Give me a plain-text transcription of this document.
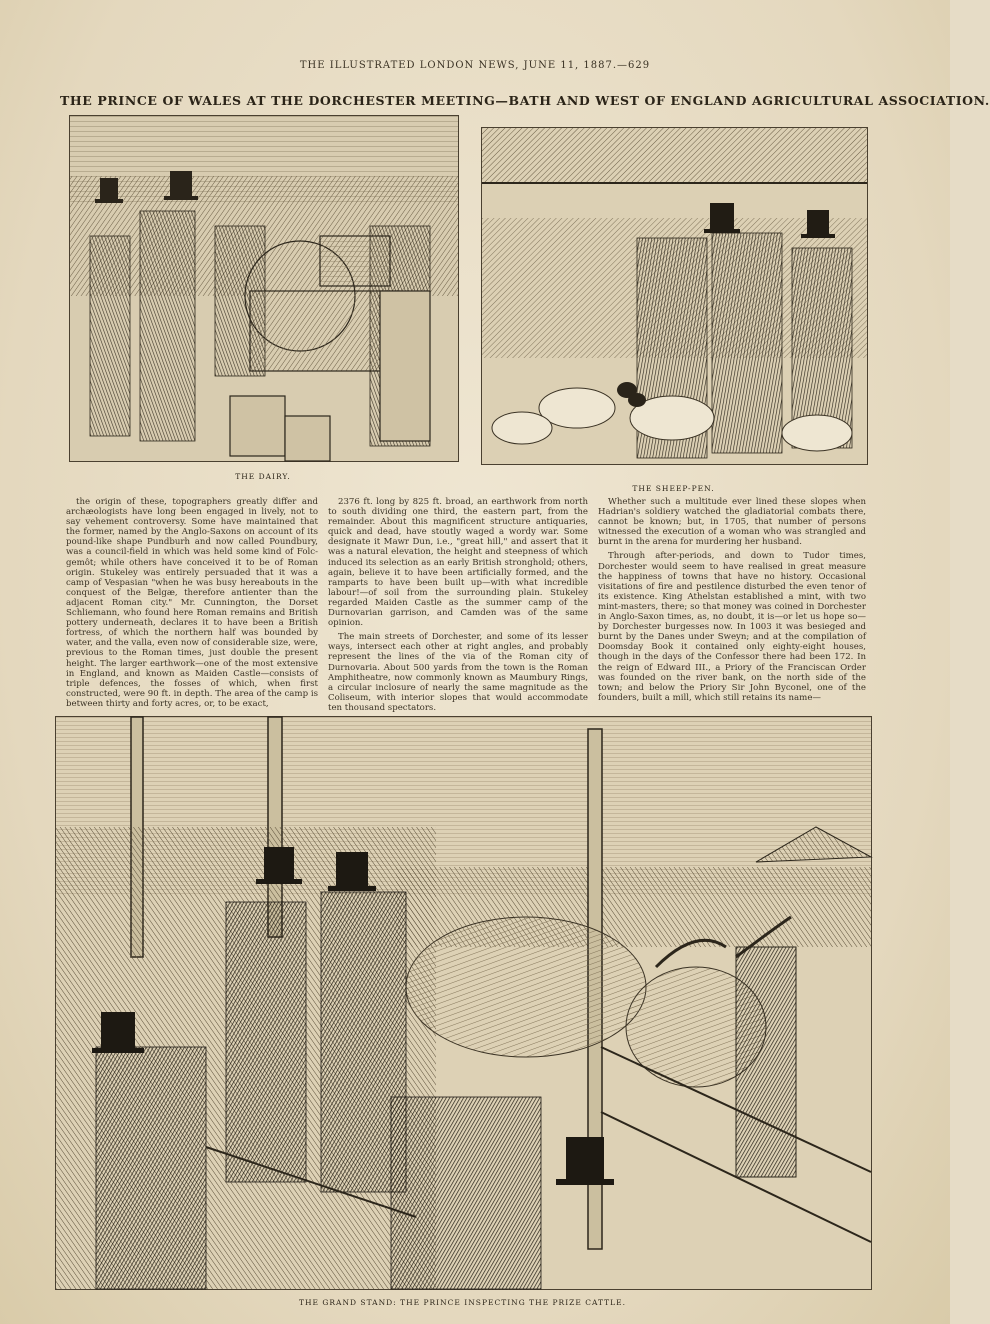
THE ILLUSTRATED LONDON NEWS, JUNE 11, 1887.—629
THE PRINCE OF WALES AT THE DORCHESTER MEETING—BATH AND WEST OF ENGLAND AGRICULTURAL ASSOCIATION.
THE DAIRY.
THE SHEEP-PEN.

the origin of these, topographers greatly differ and archæologists have long been engaged in lively, not to say vehement controversy. Some have maintained that the former, named by the Anglo-Saxons on account of its pound-like shape Pundburh and now called Poundbury, was a council-field in which was held some kind of Folc-gemôt; while others have conceived it to be of Roman origin. Stukeley was entirely persuaded that it was a camp of Vespasian "when he was busy hereabouts in the conquest of the Belgæ, therefore antienter than the adjacent Roman city." Mr. Cunnington, the Dorset Schliemann, who found here Roman remains and British pottery underneath, declares it to have been a British fortress, of which the northern half was bounded by water, and the valla, even now of considerable size, were, previous to the Roman times, just double the present height. The larger earthwork—one of the most extensive in England, and known as Maiden Castle—consists of triple defences, the fosses of which, when first constructed, were 90 ft. in depth. The area of the camp is between thirty and forty acres, or, to be exact,

2376 ft. long by 825 ft. broad, an earthwork from north to south dividing one third, the eastern part, from the remainder. About this magnificent structure antiquaries, quick and dead, have stoutly waged a wordy war. Some designate it Mawr Dun, i.e., "great hill," and assert that it was a natural elevation, the height and steepness of which induced its selection as an early British stronghold; others, again, believe it to have been artificially formed, and the ramparts to have been built up—with what incredible labour!—of soil from the surrounding plain. Stukeley regarded Maiden Castle as the summer camp of the Durnovarian garrison, and Camden was of the same opinion.

The main streets of Dorchester, and some of its lesser ways, intersect each other at right angles, and probably represent the lines of the via of the Roman city of Durnovaria. About 500 yards from the town is the Roman Amphitheatre, now commonly known as Maumbury Rings, a circular inclosure of nearly the same magnitude as the Coliseum, with interior slopes that would accommodate ten thousand spectators.

Whether such a multitude ever lined these slopes when Hadrian's soldiery watched the gladiatorial combats there, cannot be known; but, in 1705, that number of persons witnessed the execution of a woman who was strangled and burnt in the arena for murdering her husband.

Through after-periods, and down to Tudor times, Dorchester would seem to have realised in great measure the happiness of towns that have no history. Occasional visitations of fire and pestilence disturbed the even tenor of its existence. King Athelstan established a mint, with two mint-masters, there; so that money was coined in Dorchester in Anglo-Saxon times, as, no doubt, it is—or let us hope so—by Dorchester burgesses now. In 1003 it was besieged and burnt by the Danes under Sweyn; and at the compilation of Doomsday Book it contained only eighty-eight houses, though in the days of the Confessor there had been 172. In the reign of Edward III., a Priory of the Franciscan Order was founded on the river bank, on the north side of the town; and below the Priory Sir John Byconel, one of the founders, built a mill, which still retains its name—

THE GRAND STAND: THE PRINCE INSPECTING THE PRIZE CATTLE.
